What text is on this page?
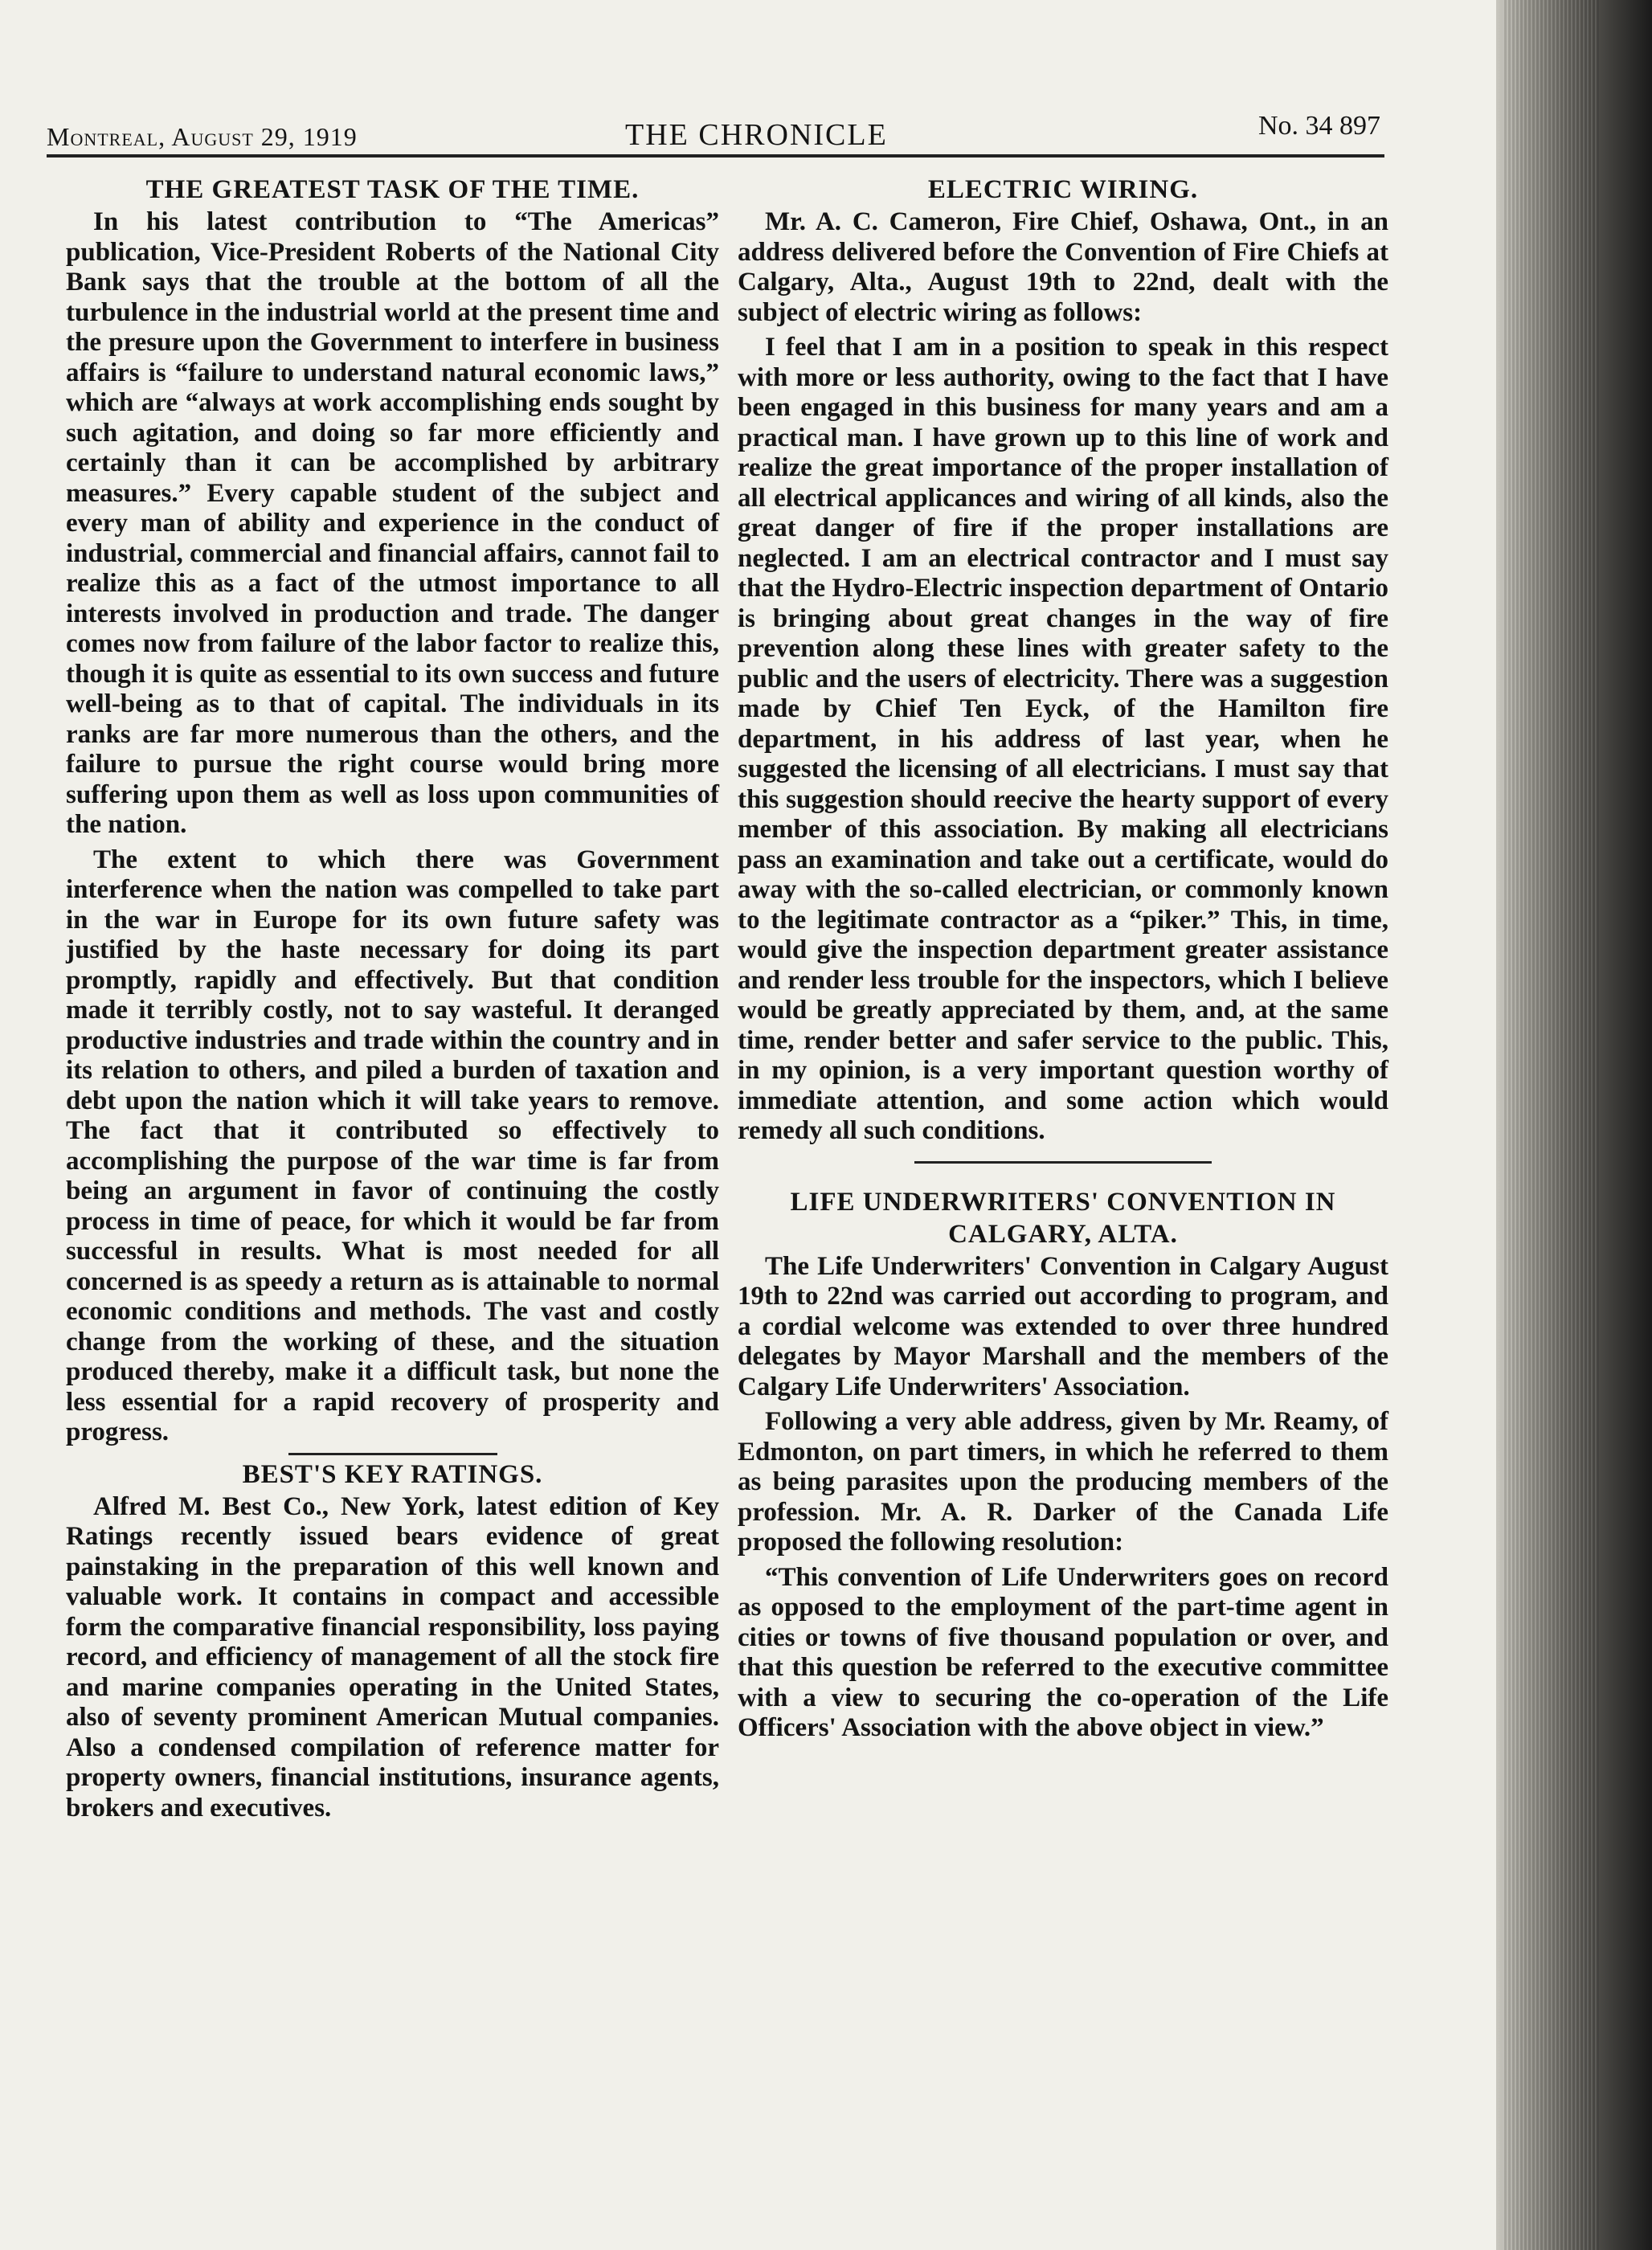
Montreal, August 29, 1919	THE CHRONICLE	No. 34 897
THE GREATEST TASK OF THE TIME.

In his latest contribution to “The Americas” publication, Vice-President Roberts of the National City Bank says that the trouble at the bottom of all the turbulence in the industrial world at the present time and the presure upon the Government to interfere in business affairs is “failure to understand natural economic laws,” which are “always at work accomplishing ends sought by such agitation, and doing so far more efficiently and certainly than it can be accomplished by arbitrary measures.” Every capable student of the subject and every man of ability and experience in the conduct of industrial, commercial and financial affairs, cannot fail to realize this as a fact of the utmost importance to all interests involved in production and trade. The danger comes now from failure of the labor factor to realize this, though it is quite as essential to its own success and future well-being as to that of capital. The individuals in its ranks are far more numerous than the others, and the failure to pursue the right course would bring more suffering upon them as well as loss upon communities of the nation.

The extent to which there was Government interference when the nation was compelled to take part in the war in Europe for its own future safety was justified by the haste necessary for doing its part promptly, rapidly and effectively. But that condition made it terribly costly, not to say wasteful. It deranged productive industries and trade within the country and in its relation to others, and piled a burden of taxation and debt upon the nation which it will take years to remove. The fact that it contributed so effectively to accomplishing the purpose of the war time is far from being an argument in favor of continuing the costly process in time of peace, for which it would be far from successful in results. What is most needed for all concerned is as speedy a return as is attainable to normal economic conditions and methods. The vast and costly change from the working of these, and the situation produced thereby, make it a difficult task, but none the less essential for a rapid recovery of prosperity and progress.

BEST'S KEY RATINGS.

Alfred M. Best Co., New York, latest edition of Key Ratings recently issued bears evidence of great painstaking in the preparation of this well known and valuable work. It contains in compact and accessible form the comparative financial responsibility, loss paying record, and efficiency of management of all the stock fire and marine companies operating in the United States, also of seventy prominent American Mutual companies. Also a condensed compilation of reference matter for property owners, financial institutions, insurance agents, brokers and executives.

ELECTRIC WIRING.

Mr. A. C. Cameron, Fire Chief, Oshawa, Ont., in an address delivered before the Convention of Fire Chiefs at Calgary, Alta., August 19th to 22nd, dealt with the subject of electric wiring as follows:

I feel that I am in a position to speak in this respect with more or less authority, owing to the fact that I have been engaged in this business for many years and am a practical man. I have grown up to this line of work and realize the great importance of the proper installation of all electrical applicances and wiring of all kinds, also the great danger of fire if the proper installations are neglected. I am an electrical contractor and I must say that the Hydro-Electric inspection department of Ontario is bringing about great changes in the way of fire prevention along these lines with greater safety to the public and the users of electricity. There was a suggestion made by Chief Ten Eyck, of the Hamilton fire department, in his address of last year, when he suggested the licensing of all electricians. I must say that this suggestion should reecive the hearty support of every member of this association. By making all electricians pass an examination and take out a certificate, would do away with the so-called electrician, or commonly known to the legitimate contractor as a “piker.” This, in time, would give the inspection department greater assistance and render less trouble for the inspectors, which I believe would be greatly appreciated by them, and, at the same time, render better and safer service to the public. This, in my opinion, is a very important question worthy of immediate attention, and some action which would remedy all such conditions.

LIFE UNDERWRITERS' CONVENTION IN CALGARY, ALTA.

The Life Underwriters' Convention in Calgary August 19th to 22nd was carried out according to program, and a cordial welcome was extended to over three hundred delegates by Mayor Marshall and the members of the Calgary Life Underwriters' Association.

Following a very able address, given by Mr. Reamy, of Edmonton, on part timers, in which he referred to them as being parasites upon the producing members of the profession. Mr. A. R. Darker of the Canada Life proposed the following resolution:

“This convention of Life Underwriters goes on record as opposed to the employment of the part-time agent in cities or towns of five thousand population or over, and that this question be referred to the executive committee with a view to securing the co-operation of the Life Officers' Association with the above object in view.”
